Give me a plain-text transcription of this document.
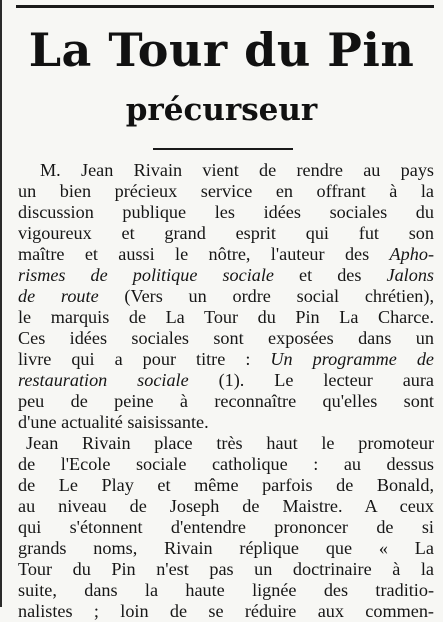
La Tour du Pin
précurseur
M. Jean Rivain vient de rendre au pays
un bien précieux service en offrant à la
discussion publique les idées sociales du
vigoureux et grand esprit qui fut son
maître et aussi le nôtre, l'auteur des Apho-
rismes de politique sociale et des Jalons
de route (Vers un ordre social chrétien),
le marquis de La Tour du Pin La Charce.
Ces idées sociales sont exposées dans un
livre qui a pour titre : Un programme de
restauration sociale (1). Le lecteur aura
peu de peine à reconnaître qu'elles sont
d'une actualité saisissante.
Jean Rivain place très haut le promoteur
de l'Ecole sociale catholique : au dessus
de Le Play et même parfois de Bonald,
au niveau de Joseph de Maistre. A ceux
qui s'étonnent d'entendre prononcer de si
grands noms, Rivain réplique que « La
Tour du Pin n'est pas un doctrinaire à la
suite, dans la haute lignée des traditio-
nalistes ; loin de se réduire aux commen-
